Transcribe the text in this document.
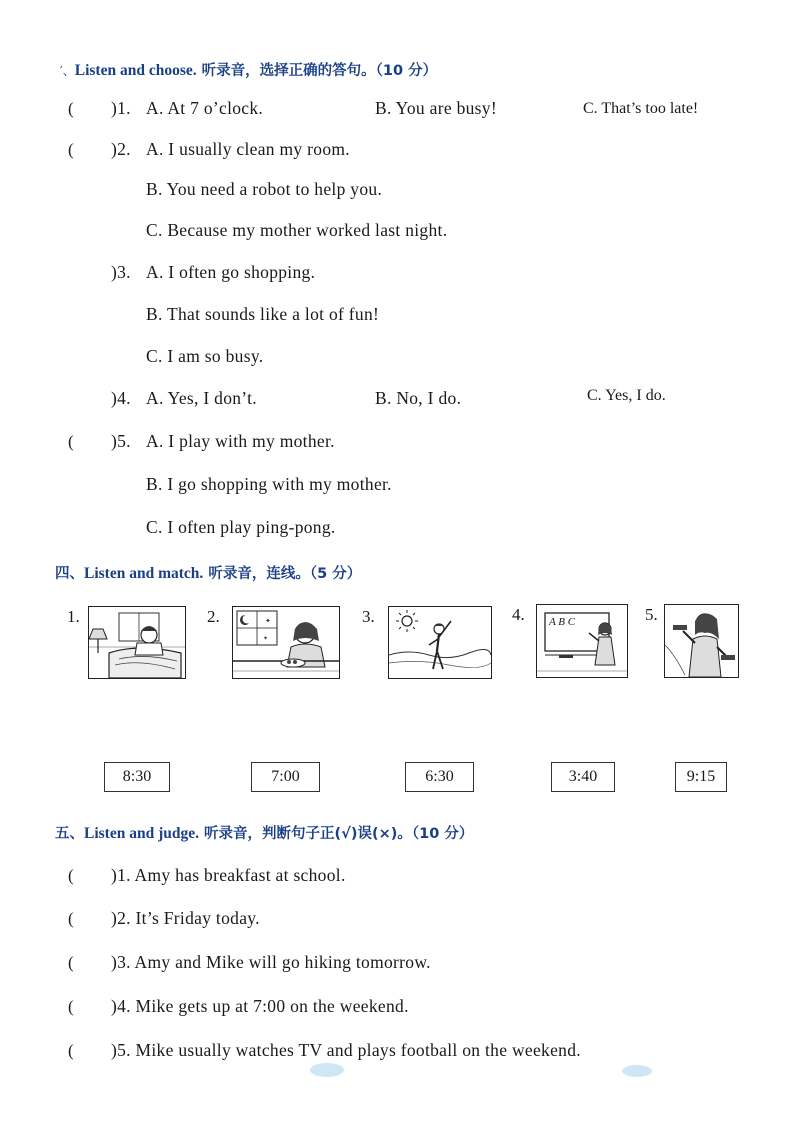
′、Listen and choose. 听录音，选择正确的答句。（10 分）
( )1. A. At 7 o’clock.	B. You are busy!	C. That’s too late!
( )2. A. I usually clean my room.
B. You need a robot to help you.
C. Because my mother worked last night.
)3. A. I often go shopping.
B. That sounds like a lot of fun!
C. I am so busy.
)4. A. Yes, I don’t.	B. No, I do.	C. Yes, I do.
( )5. A. I play with my mother.
B. I go shopping with my mother.
C. I often play ping-pong.
四、Listen and match. 听录音，连线。（5 分）
1.	2.	3.	4.	5.
✦
✦
A B C
8:30	7:00	6:30	3:40	9:15
五、Listen and judge. 听录音，判断句子正(√)误(×)。（10 分）
( )1. Amy has breakfast at school.
( )2. It’s Friday today.
( )3. Amy and Mike will go hiking tomorrow.
( )4. Mike gets up at 7:00 on the weekend.
( )5. Mike usually watches TV and plays football on the weekend.
